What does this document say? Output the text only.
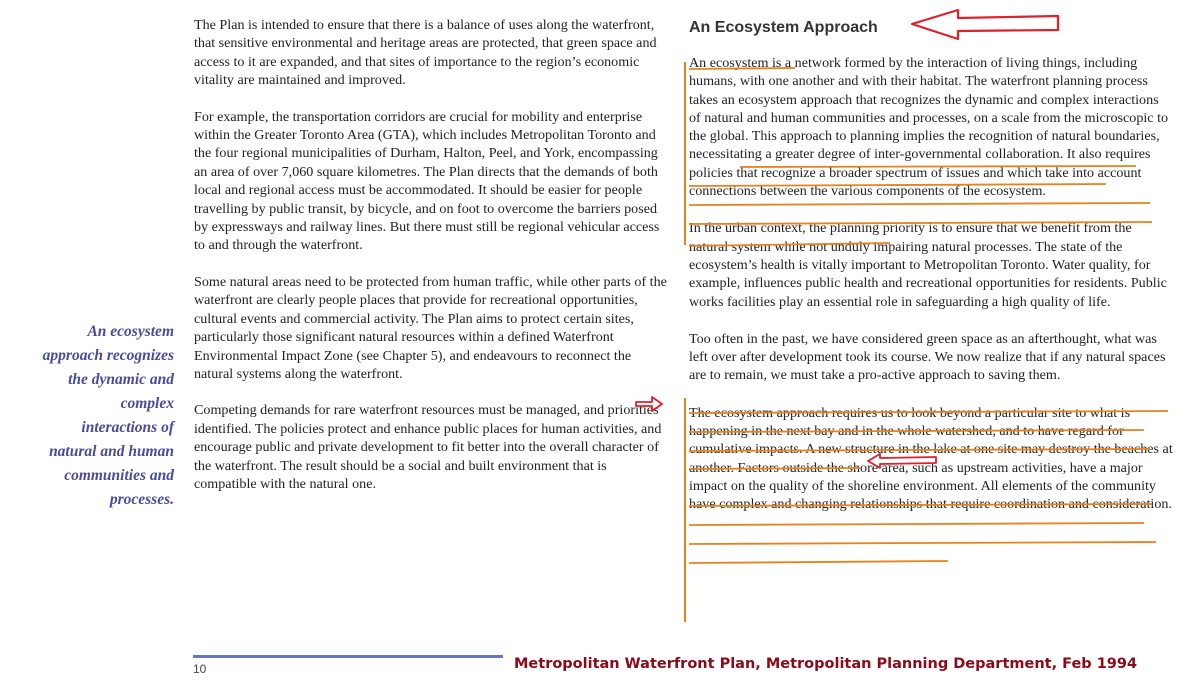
An ecosystem
approach recognizes
the dynamic and
complex
interactions of
natural and human
communities and
processes.

The Plan is intended to ensure that there is a balance of uses along the waterfront, that sensitive environmental and heritage areas are protected, that green space and access to it are expanded, and that sites of importance to the region’s economic vitality are maintained and improved.

For example, the transportation corridors are crucial for mobility and enterprise within the Greater Toronto Area (GTA), which includes Metropolitan Toronto and the four regional municipalities of Durham, Halton, Peel, and York, encompassing an area of over 7,060 square kilometres. The Plan directs that the demands of both local and regional access must be accommodated. It should be easier for people travelling by public transit, by bicycle, and on foot to overcome the barriers posed by expressways and railway lines. But there must still be regional vehicular access to and through the waterfront.

Some natural areas need to be protected from human traffic, while other parts of the waterfront are clearly people places that provide for recreational opportunities, cultural events and commercial activity. The Plan aims to protect certain sites, particularly those significant natural resources within a defined Waterfront Environmental Impact Zone (see Chapter 5), and endeavours to reconnect the natural systems along the waterfront.

Competing demands for rare waterfront resources must be managed, and priorities identified. The policies protect and enhance public places for human activities, and encourage public and private development to fit better into the overall character of the waterfront. The result should be a social and built environment that is compatible with the natural one.

An Ecosystem Approach

An ecosystem is a network formed by the interaction of living things, including humans, with one another and with their habitat. The waterfront planning process takes an ecosystem approach that recognizes the dynamic and complex interactions of natural and human communities and processes, on a scale from the microscopic to the global. This approach to planning implies the recognition of natural boundaries, necessitating a greater degree of inter-governmental collaboration. It also requires policies that recognize a broader spectrum of issues and which take into account connections between the various components of the ecosystem.

In the urban context, the planning priority is to ensure that we benefit from the natural system while not unduly impairing natural processes. The state of the ecosystem’s health is vitally important to Metropolitan Toronto. Water quality, for example, influences public health and recreational opportunities for residents. Public works facilities play an essential role in safeguarding a high quality of life.

Too often in the past, we have considered green space as an afterthought, what was left over after development took its course. We now realize that if any natural spaces are to remain, we must take a pro-active approach to saving them.

The ecosystem approach requires us to look beyond a particular site to what is happening in the next bay and in the whole watershed, and to have regard for cumulative impacts. A new structure in the lake at one site may destroy the beaches at another. Factors outside the shore area, such as upstream activities, have a major impact on the quality of the shoreline environment. All elements of the community have complex and changing relationships that require coordination and consideration.

10	Metropolitan Waterfront Plan, Metropolitan Planning Department, Feb 1994
